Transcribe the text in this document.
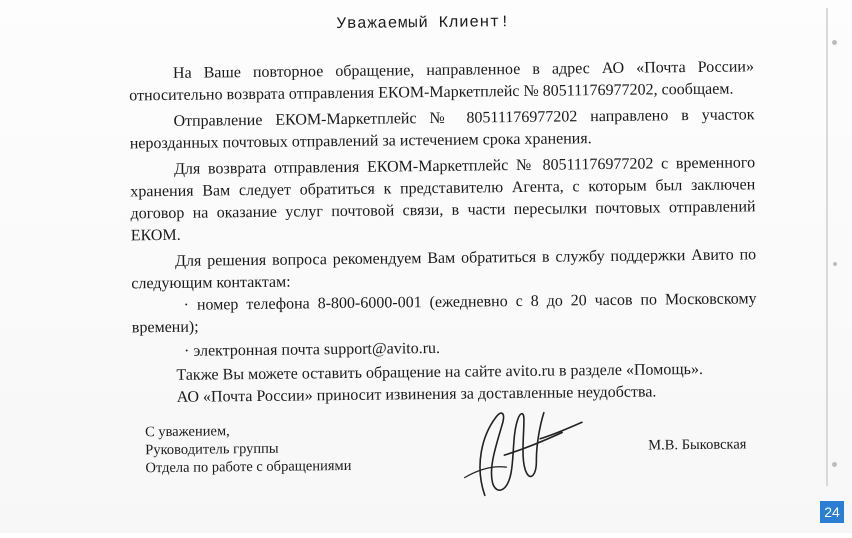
Уважаемый Клиент!

На Ваше повторное обращение, направленное в адрес АО «Почта России» относительно возврата отправления ЕКОМ-Маркетплейс № 80511176977202, сообщаем.

Отправление ЕКОМ-Маркетплейс № 80511176977202 направлено в участок нерозданных почтовых отправлений за истечением срока хранения.

Для возврата отправления ЕКОМ-Маркетплейс № 80511176977202 с временного хранения Вам следует обратиться к представителю Агента, с которым был заключен договор на оказание услуг почтовой связи, в части пересылки почтовых отправлений ЕКОМ.

Для решения вопроса рекомендуем Вам обратиться в службу поддержки Авито по следующим контактам:

· номер телефона 8-800-6000-001 (ежедневно с 8 до 20 часов по Московскому времени);

· электронная почта support@avito.ru.

Также Вы можете оставить обращение на сайте avito.ru в разделе «Помощь».

АО «Почта России» приносит извинения за доставленные неудобства.

С уважением,
Руководитель группы
Отдела по работе с обращениями
М.В. Быковская
24
